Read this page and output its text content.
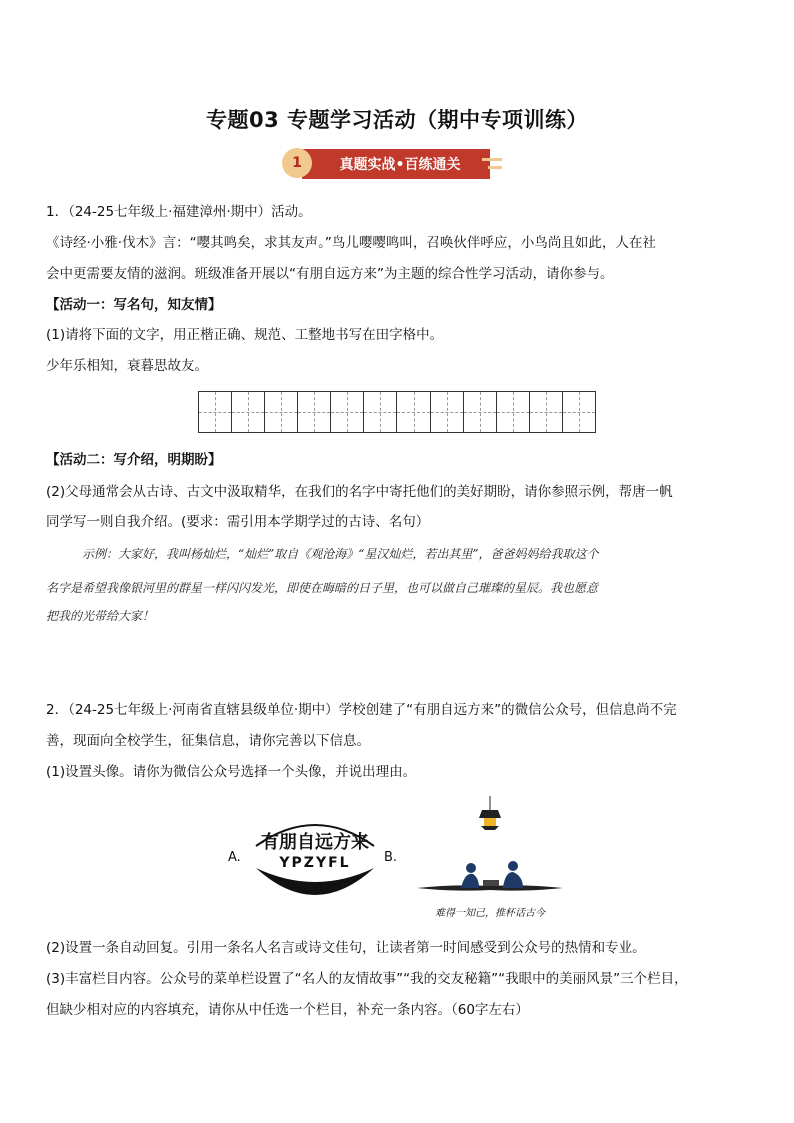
专题03 专题学习活动（期中专项训练）
1	真题实战•百练通关
1．（24-25七年级上·福建漳州·期中）活动。
《诗经·小雅·伐木》言：“嘤其鸣矣，求其友声。”鸟儿嘤嘤鸣叫，召唤伙伴呼应，小鸟尚且如此，人在社
会中更需要友情的滋润。班级准备开展以“有朋自远方来”为主题的综合性学习活动，请你参与。
【活动一：写名句，知友情】
(1)请将下面的文字，用正楷正确、规范、工整地书写在田字格中。
少年乐相知，衰暮思故友。
【活动二：写介绍，明期盼】
(2)父母通常会从古诗、古文中汲取精华，在我们的名字中寄托他们的美好期盼，请你参照示例，帮唐一帆
同学写一则自我介绍。(要求：需引用本学期学过的古诗、名句）
示例：大家好，我叫杨灿烂，“灿烂”取自《观沧海》“星汉灿烂，若出其里”，爸爸妈妈给我取这个
名字是希望我像银河里的群星一样闪闪发光，即使在晦暗的日子里，也可以做自己璀璨的星辰。我也愿意
把我的光带给大家！
2．（24-25七年级上·河南省直辖县级单位·期中）学校创建了“有朋自远方来”的微信公众号，但信息尚不完
善，现面向全校学生，征集信息，请你完善以下信息。
(1)设置头像。请你为微信公众号选择一个头像，并说出理由。
A.
有朋自远方来
YPZYFL	B.
难得一知己，推杯话古今
(2)设置一条自动回复。引用一条名人名言或诗文佳句，让读者第一时间感受到公众号的热情和专业。
(3)丰富栏目内容。公众号的菜单栏设置了“名人的友情故事”“我的交友秘籍”“我眼中的美丽风景”三个栏目，
但缺少相对应的内容填充，请你从中任选一个栏目，补充一条内容。（60字左右）
